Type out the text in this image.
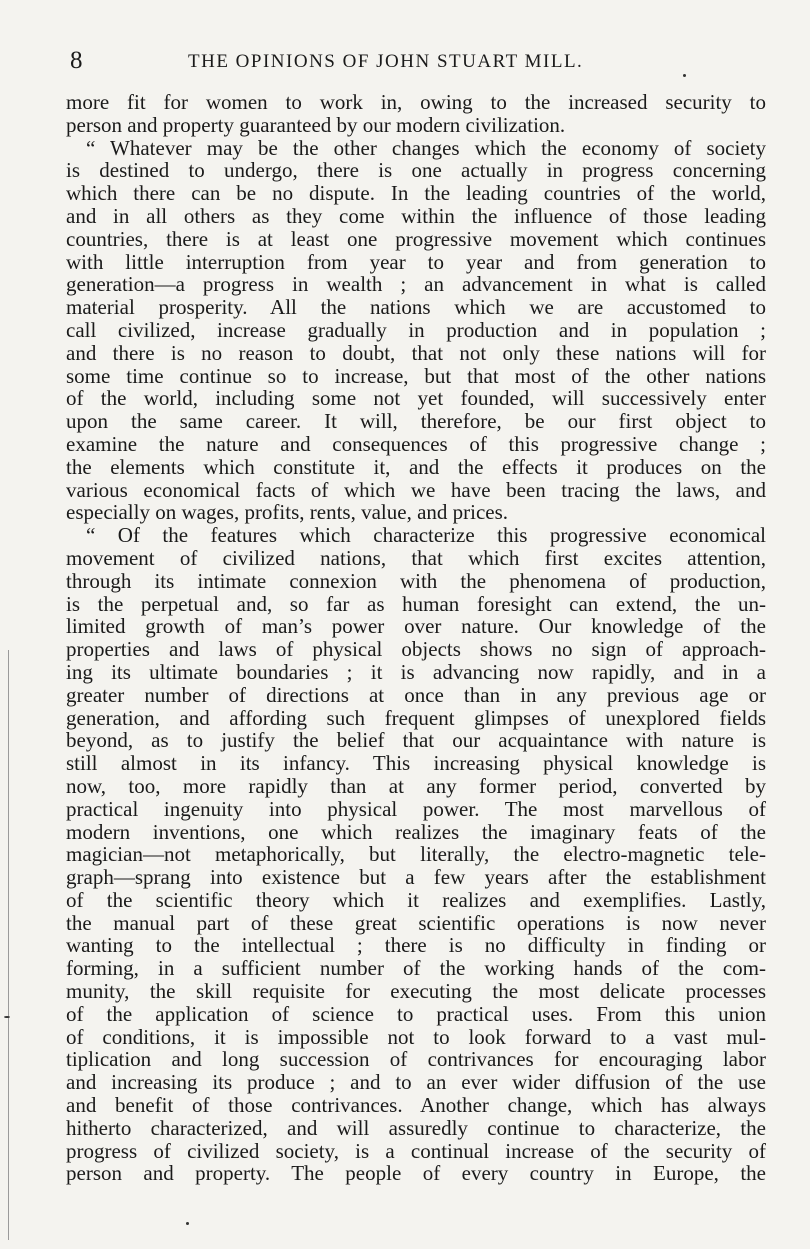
8	THE OPINIONS OF JOHN STUART MILL.
more fit for women to work in, owing to the increased security to
person and property guaranteed by our modern civilization.
“ Whatever may be the other changes which the economy of society
is destined to undergo, there is one actually in progress concerning
which there can be no dispute. In the leading countries of the world,
and in all others as they come within the influence of those leading
countries, there is at least one progressive movement which continues
with little interruption from year to year and from generation to
generation—a progress in wealth ; an advancement in what is called
material prosperity. All the nations which we are accustomed to
call civilized, increase gradually in production and in population ;
and there is no reason to doubt, that not only these nations will for
some time continue so to increase, but that most of the other nations
of the world, including some not yet founded, will successively enter
upon the same career. It will, therefore, be our first object to
examine the nature and consequences of this progressive change ;
the elements which constitute it, and the effects it produces on the
various economical facts of which we have been tracing the laws, and
especially on wages, profits, rents, value, and prices.
“ Of the features which characterize this progressive economical
movement of civilized nations, that which first excites attention,
through its intimate connexion with the phenomena of production,
is the perpetual and, so far as human foresight can extend, the un-
limited growth of man’s power over nature. Our knowledge of the
properties and laws of physical objects shows no sign of approach-
ing its ultimate boundaries ; it is advancing now rapidly, and in a
greater number of directions at once than in any previous age or
generation, and affording such frequent glimpses of unexplored fields
beyond, as to justify the belief that our acquaintance with nature is
still almost in its infancy. This increasing physical knowledge is
now, too, more rapidly than at any former period, converted by
practical ingenuity into physical power. The most marvellous of
modern inventions, one which realizes the imaginary feats of the
magician—not metaphorically, but literally, the electro-magnetic tele-
graph—sprang into existence but a few years after the establishment
of the scientific theory which it realizes and exemplifies. Lastly,
the manual part of these great scientific operations is now never
wanting to the intellectual ; there is no difficulty in finding or
forming, in a sufficient number of the working hands of the com-
munity, the skill requisite for executing the most delicate processes
of the application of science to practical uses. From this union
of conditions, it is impossible not to look forward to a vast mul-
tiplication and long succession of contrivances for encouraging labor
and increasing its produce ; and to an ever wider diffusion of the use
and benefit of those contrivances. Another change, which has always
hitherto characterized, and will assuredly continue to characterize, the
progress of civilized society, is a continual increase of the security of
person and property. The people of every country in Europe, the
